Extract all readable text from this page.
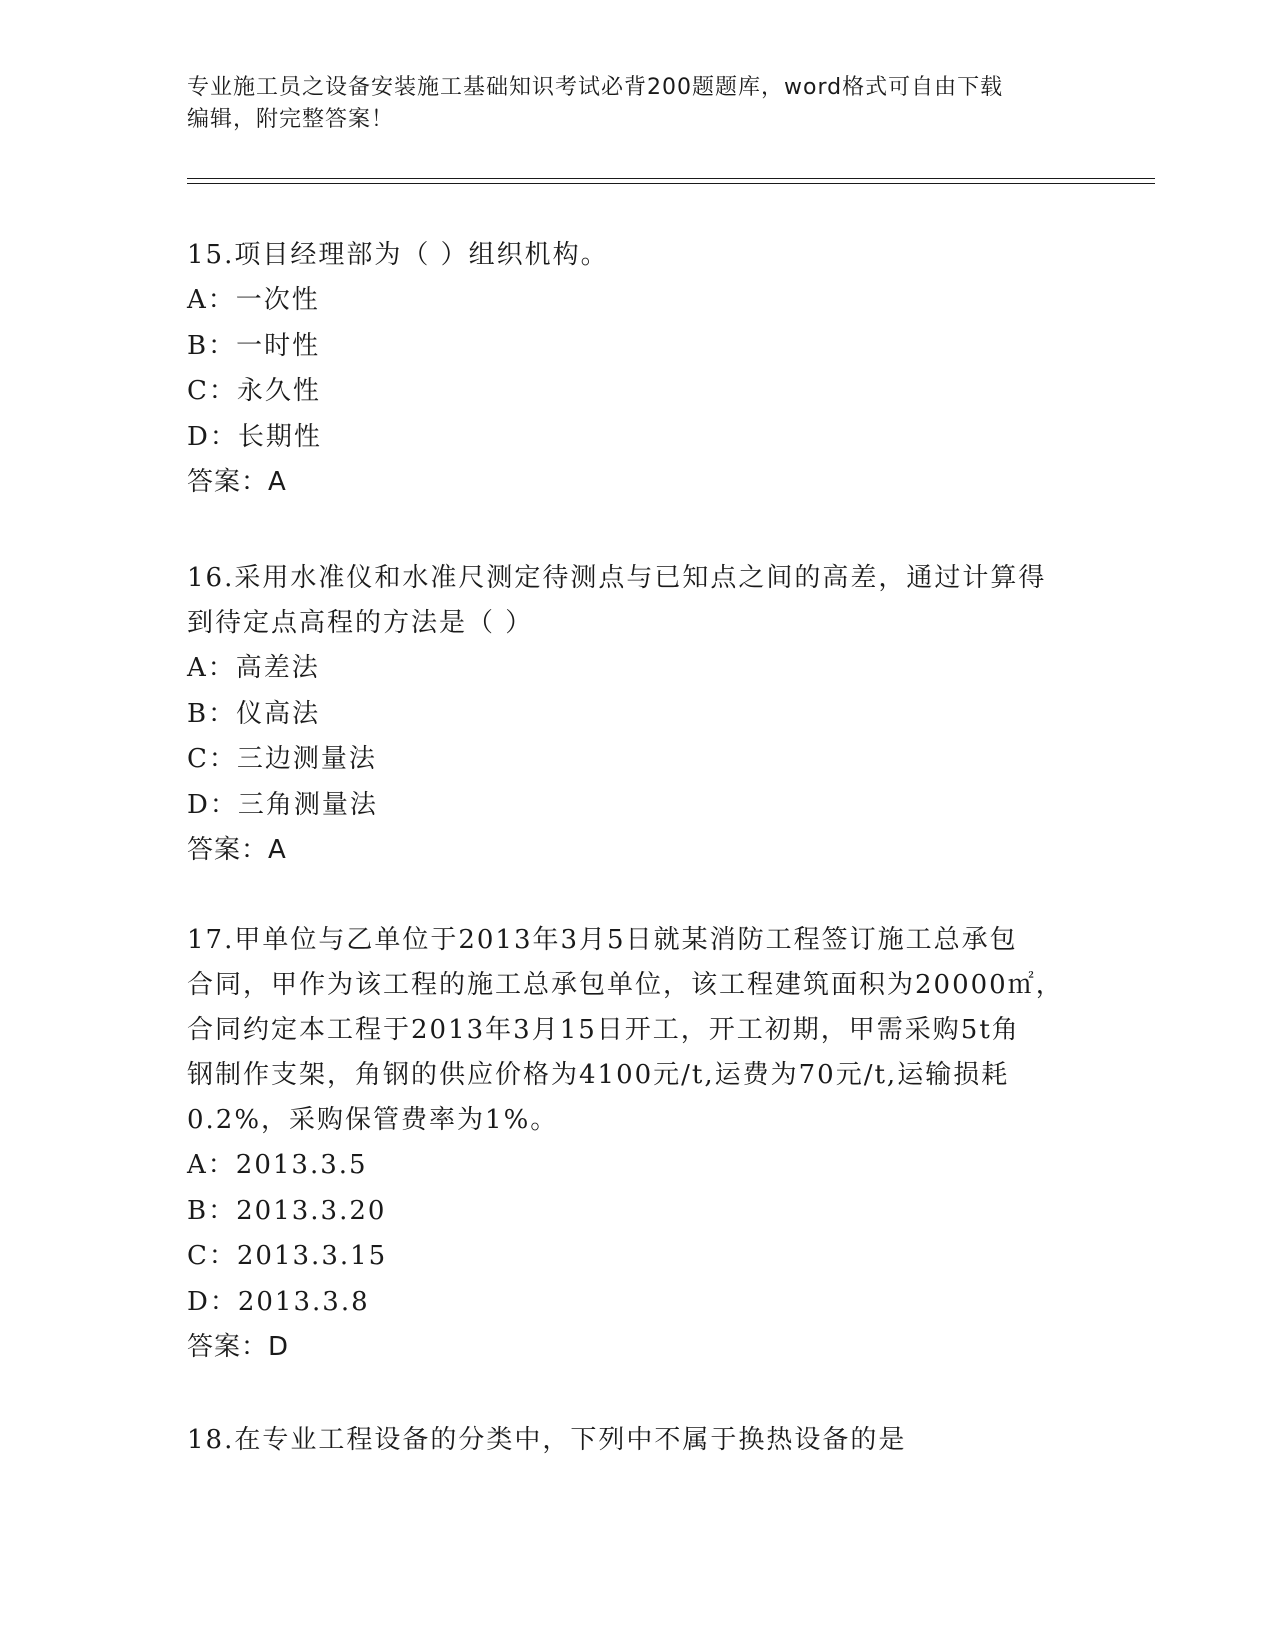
专业施工员之设备安装施工基础知识考试必背200题题库，word格式可自由下载
编辑，附完整答案！

15.项目经理部为（ ）组织机构。

A：一次性

B：一时性

C：永久性

D：长期性

答案：A

16.采用水准仪和水准尺测定待测点与已知点之间的高差，通过计算得

到待定点高程的方法是（ ）

A：高差法

B：仪高法

C：三边测量法

D：三角测量法

答案：A

17.甲单位与乙单位于2013年3月5日就某消防工程签订施工总承包

合同，甲作为该工程的施工总承包单位，该工程建筑面积为20000㎡，

合同约定本工程于2013年3月15日开工，开工初期，甲需采购5t角

钢制作支架，角钢的供应价格为4100元/t,运费为70元/t,运输损耗

0.2%，采购保管费率为1%。

A：2013.3.5

B：2013.3.20

C：2013.3.15

D：2013.3.8

答案：D

18.在专业工程设备的分类中，下列中不属于换热设备的是
